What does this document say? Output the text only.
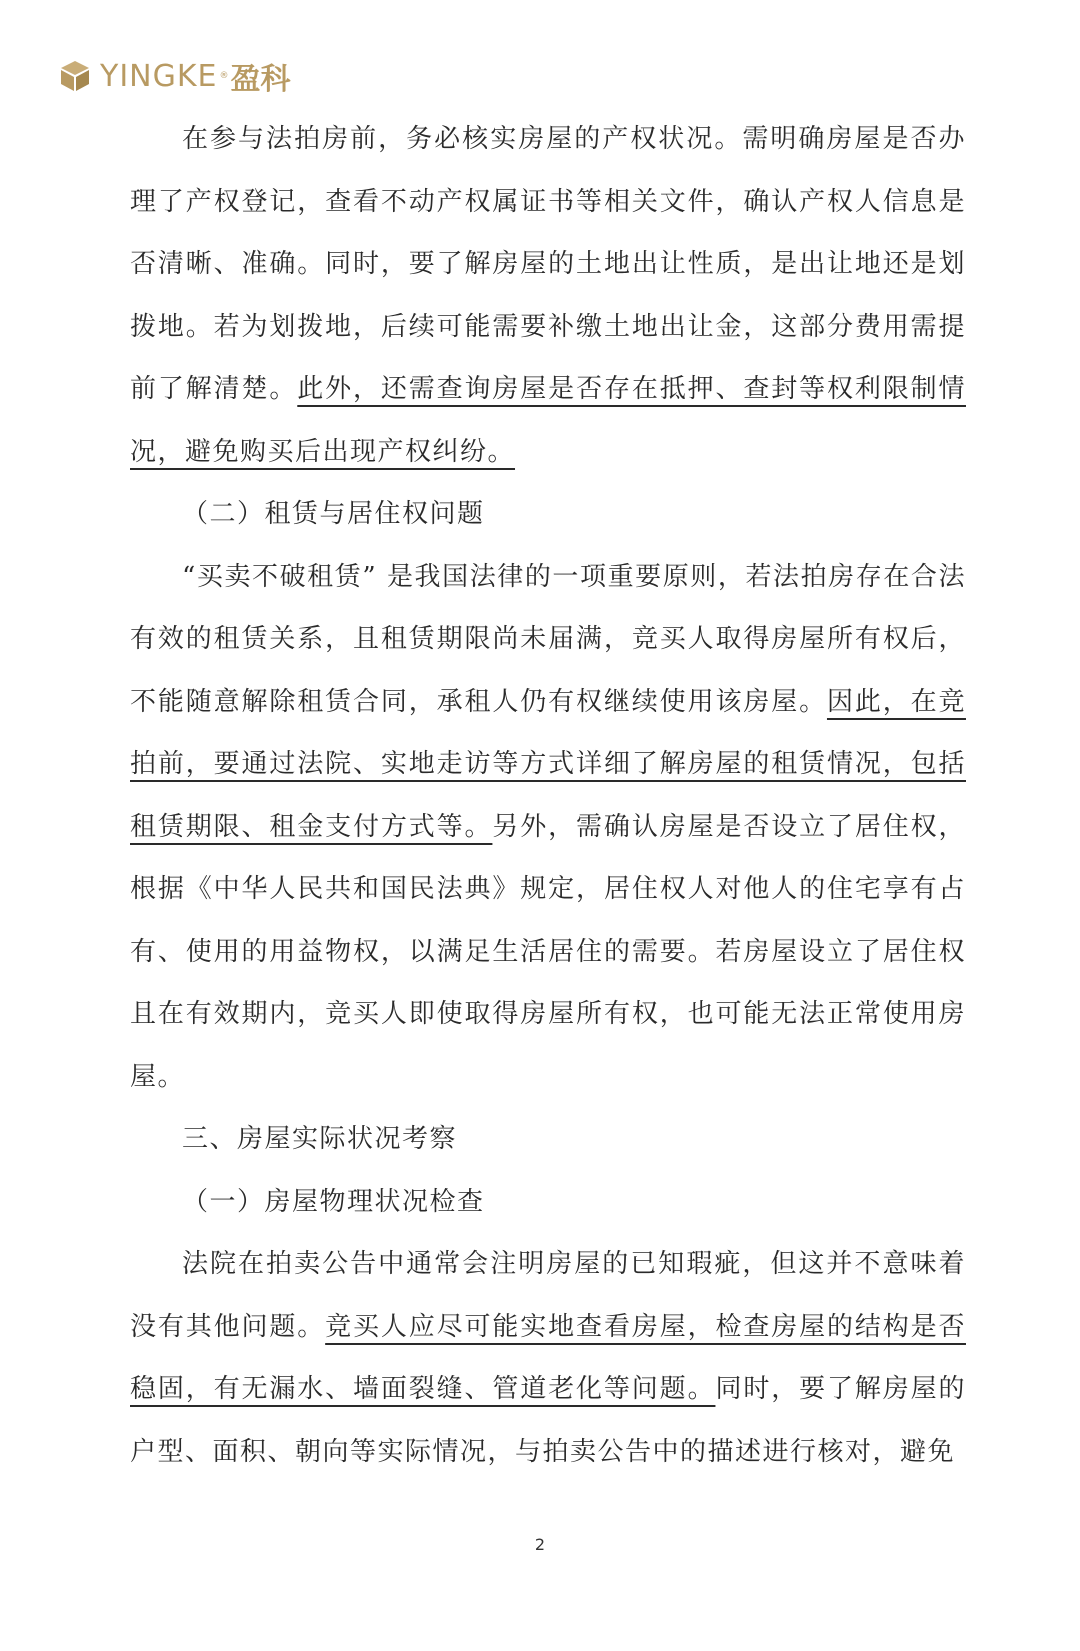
YINGKE ® 盈科

在参与法拍房前，务必核实房屋的产权状况。需明确房屋是否办理了产权登记，查看不动产权属证书等相关文件，确认产权人信息是否清晰、准确。同时，要了解房屋的土地出让性质，是出让地还是划拨地。若为划拨地，后续可能需要补缴土地出让金，这部分费用需提前了解清楚。此外，还需查询房屋是否存在抵押、查封等权利限制情况，避免购买后出现产权纠纷。

（二）租赁与居住权问题

“买卖不破租赁” 是我国法律的一项重要原则，若法拍房存在合法有效的租赁关系，且租赁期限尚未届满，竞买人取得房屋所有权后，不能随意解除租赁合同，承租人仍有权继续使用该房屋。因此，在竞拍前，要通过法院、实地走访等方式详细了解房屋的租赁情况，包括租赁期限、租金支付方式等。另外，需确认房屋是否设立了居住权，根据《中华人民共和国民法典》规定，居住权人对他人的住宅享有占有、使用的用益物权，以满足生活居住的需要。若房屋设立了居住权且在有效期内，竞买人即使取得房屋所有权，也可能无法正常使用房屋。

三、房屋实际状况考察

（一）房屋物理状况检查

法院在拍卖公告中通常会注明房屋的已知瑕疵，但这并不意味着没有其他问题。竞买人应尽可能实地查看房屋，检查房屋的结构是否稳固，有无漏水、墙面裂缝、管道老化等问题。同时，要了解房屋的户型、面积、朝向等实际情况，与拍卖公告中的描述进行核对，避免

2
